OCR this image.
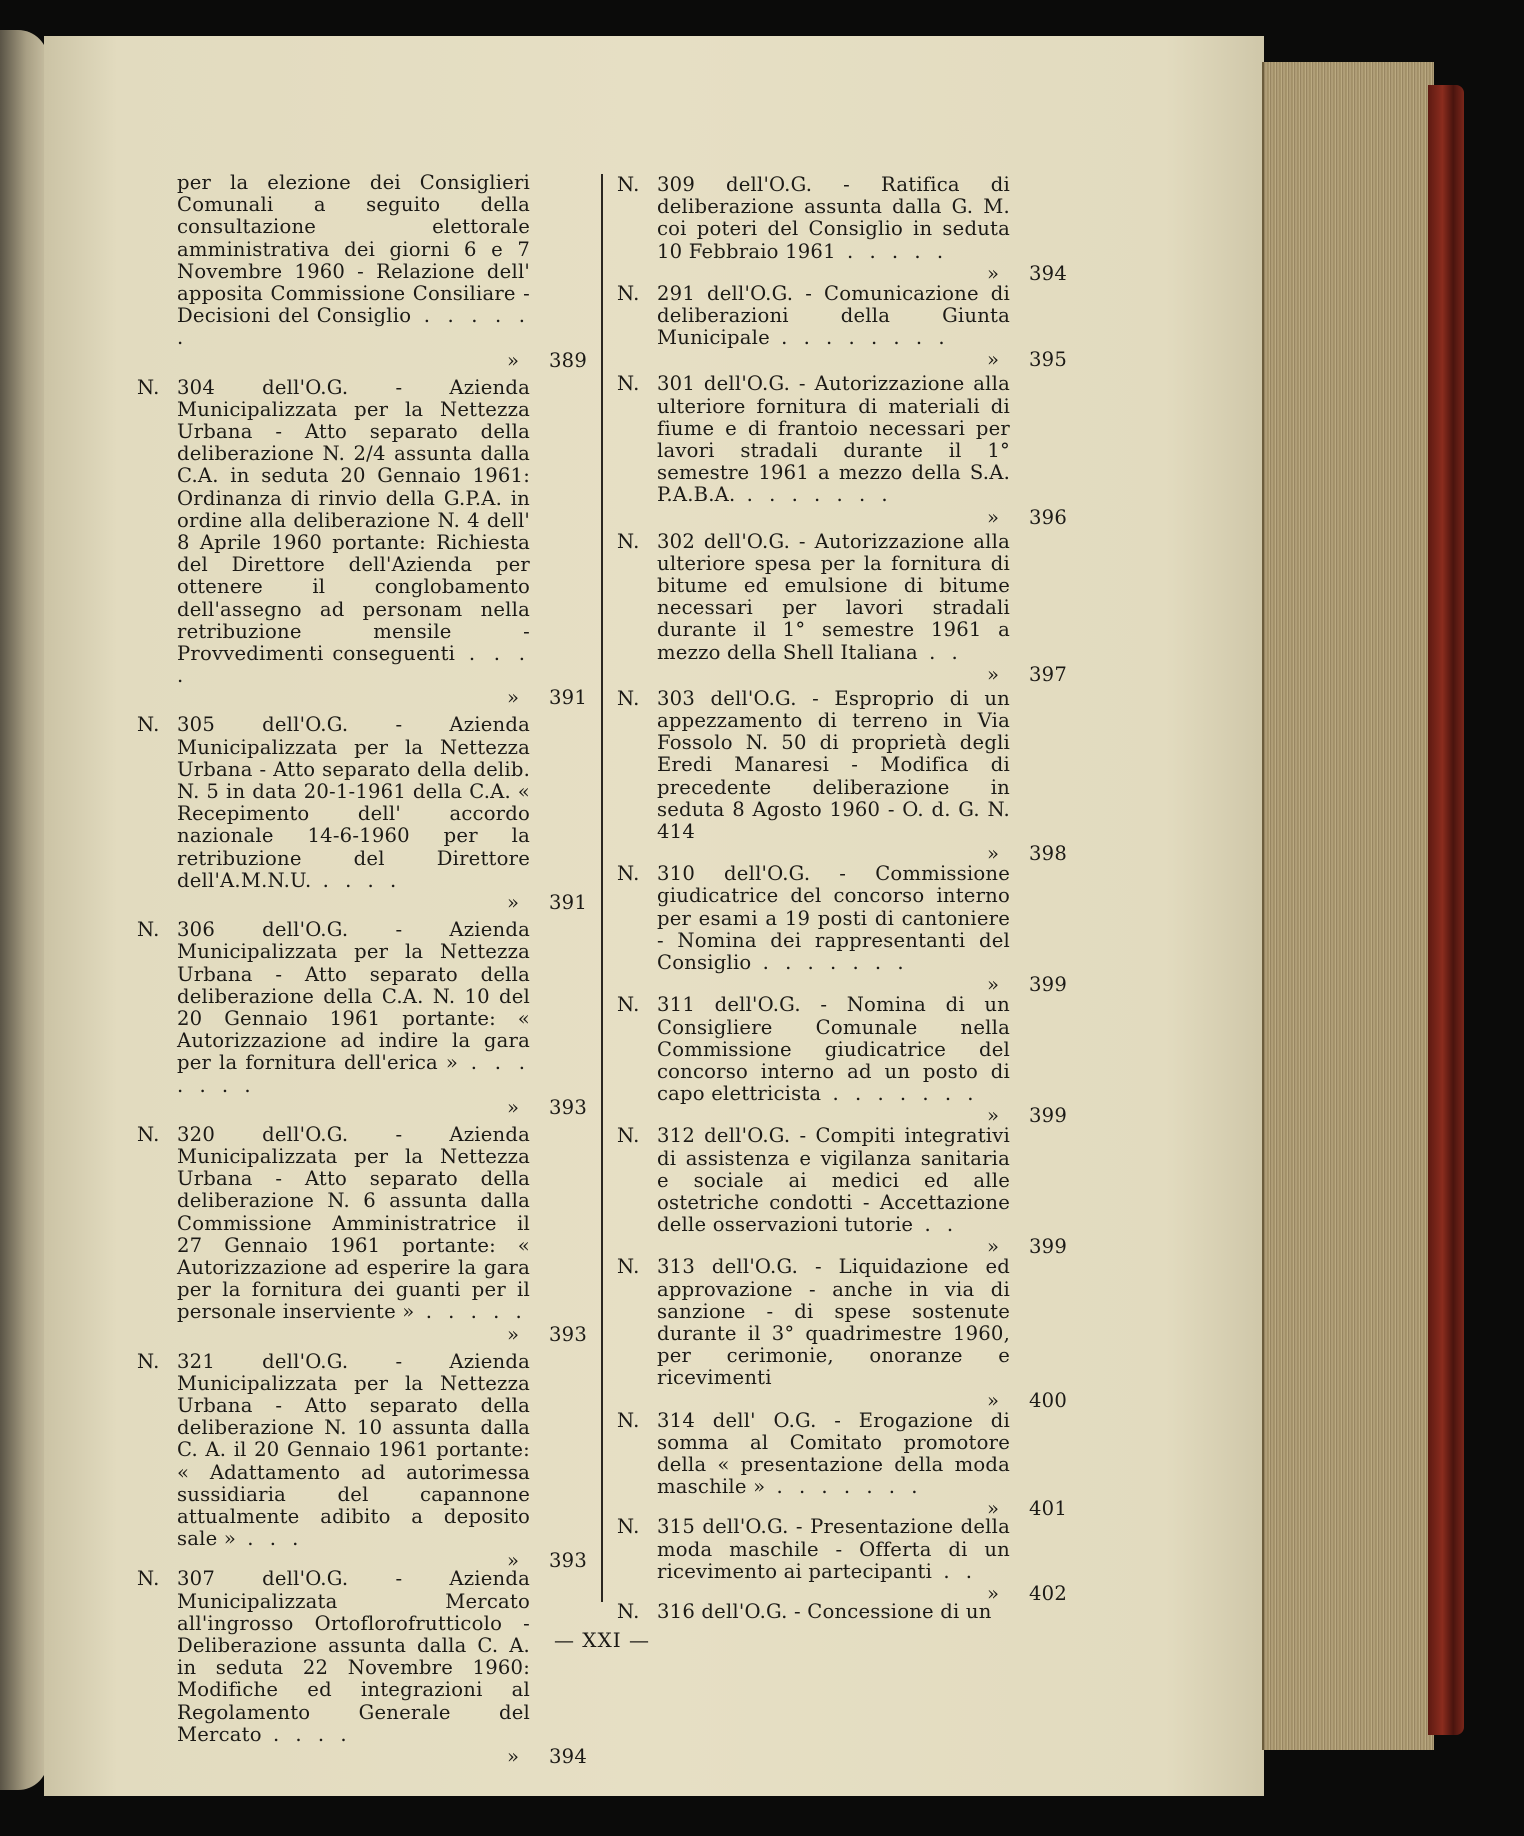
per la elezione dei Consiglieri Comunali a seguito della consultazione elettorale amministrativa dei giorni 6 e 7 Novembre 1960 - Relazione dell' apposita Commissione Consiliare - Decisioni del Consiglio . . . . . .
» 389
N. 304 dell'O.G. - Azienda Municipalizzata per la Nettezza Urbana - Atto separato della deliberazione N. 2/4 assunta dalla C.A. in seduta 20 Gennaio 1961: Ordinanza di rinvio della G.P.A. in ordine alla deliberazione N. 4 dell' 8 Aprile 1960 portante: Richiesta del Direttore dell'Azienda per ottenere il conglobamento dell'assegno ad personam nella retribuzione mensile - Provvedimenti conseguenti . . . .
» 391
N. 305 dell'O.G. - Azienda Municipalizzata per la Nettezza Urbana - Atto separato della delib. N. 5 in data 20-1-1961 della C.A. « Recepimento dell' accordo nazionale 14-6-1960 per la retribuzione del Direttore dell'A.M.N.U. . . . .
» 391
N. 306 dell'O.G. - Azienda Municipalizzata per la Nettezza Urbana - Atto separato della deliberazione della C.A. N. 10 del 20 Gennaio 1961 portante: « Autorizzazione ad indire la gara per la fornitura dell'erica » . . . . . . .
» 393
N. 320 dell'O.G. - Azienda Municipalizzata per la Nettezza Urbana - Atto separato della deliberazione N. 6 assunta dalla Commissione Amministratrice il 27 Gennaio 1961 portante: « Autorizzazione ad esperire la gara per la fornitura dei guanti per il personale inserviente » . . . . .
» 393
N. 321 dell'O.G. - Azienda Municipalizzata per la Nettezza Urbana - Atto separato della deliberazione N. 10 assunta dalla C. A. il 20 Gennaio 1961 portante: « Adattamento ad autorimessa sussidiaria del capannone attualmente adibito a deposito sale » . . .
» 393
N. 307 dell'O.G. - Azienda Municipalizzata Mercato all'ingrosso Ortoflorofrutticolo - Deliberazione assunta dalla C. A. in seduta 22 Novembre 1960: Modifiche ed integrazioni al Regolamento Generale del Mercato . . . .
» 394
N. 309 dell'O.G. - Ratifica di deliberazione assunta dalla G. M. coi poteri del Consiglio in seduta 10 Febbraio 1961 . . . . .
» 394
N. 291 dell'O.G. - Comunicazione di deliberazioni della Giunta Municipale . . . . . . . .
» 395
N. 301 dell'O.G. - Autorizzazione alla ulteriore fornitura di materiali di fiume e di frantoio necessari per lavori stradali durante il 1° semestre 1961 a mezzo della S.A. P.A.B.A. . . . . . . .
» 396
N. 302 dell'O.G. - Autorizzazione alla ulteriore spesa per la fornitura di bitume ed emulsione di bitume necessari per lavori stradali durante il 1° semestre 1961 a mezzo della Shell Italiana . .
» 397
N. 303 dell'O.G. - Esproprio di un appezzamento di terreno in Via Fossolo N. 50 di proprietà degli Eredi Manaresi - Modifica di precedente deliberazione in seduta 8 Agosto 1960 - O. d. G. N. 414
» 398
N. 310 dell'O.G. - Commissione giudicatrice del concorso interno per esami a 19 posti di cantoniere - Nomina dei rappresentanti del Consiglio . . . . . . .
» 399
N. 311 dell'O.G. - Nomina di un Consigliere Comunale nella Commissione giudicatrice del concorso interno ad un posto di capo elettricista . . . . . . .
» 399
N. 312 dell'O.G. - Compiti integrativi di assistenza e vigilanza sanitaria e sociale ai medici ed alle ostetriche condotti - Accettazione delle osservazioni tutorie . .
» 399
N. 313 dell'O.G. - Liquidazione ed approvazione - anche in via di sanzione - di spese sostenute durante il 3° quadrimestre 1960, per cerimonie, onoranze e ricevimenti
» 400
N. 314 dell' O.G. - Erogazione di somma al Comitato promotore della « presentazione della moda maschile » . . . . . . .
» 401
N. 315 dell'O.G. - Presentazione della moda maschile - Offerta di un ricevimento ai partecipanti . .
» 402
N. 316 dell'O.G. - Concessione di un
— XXI —
